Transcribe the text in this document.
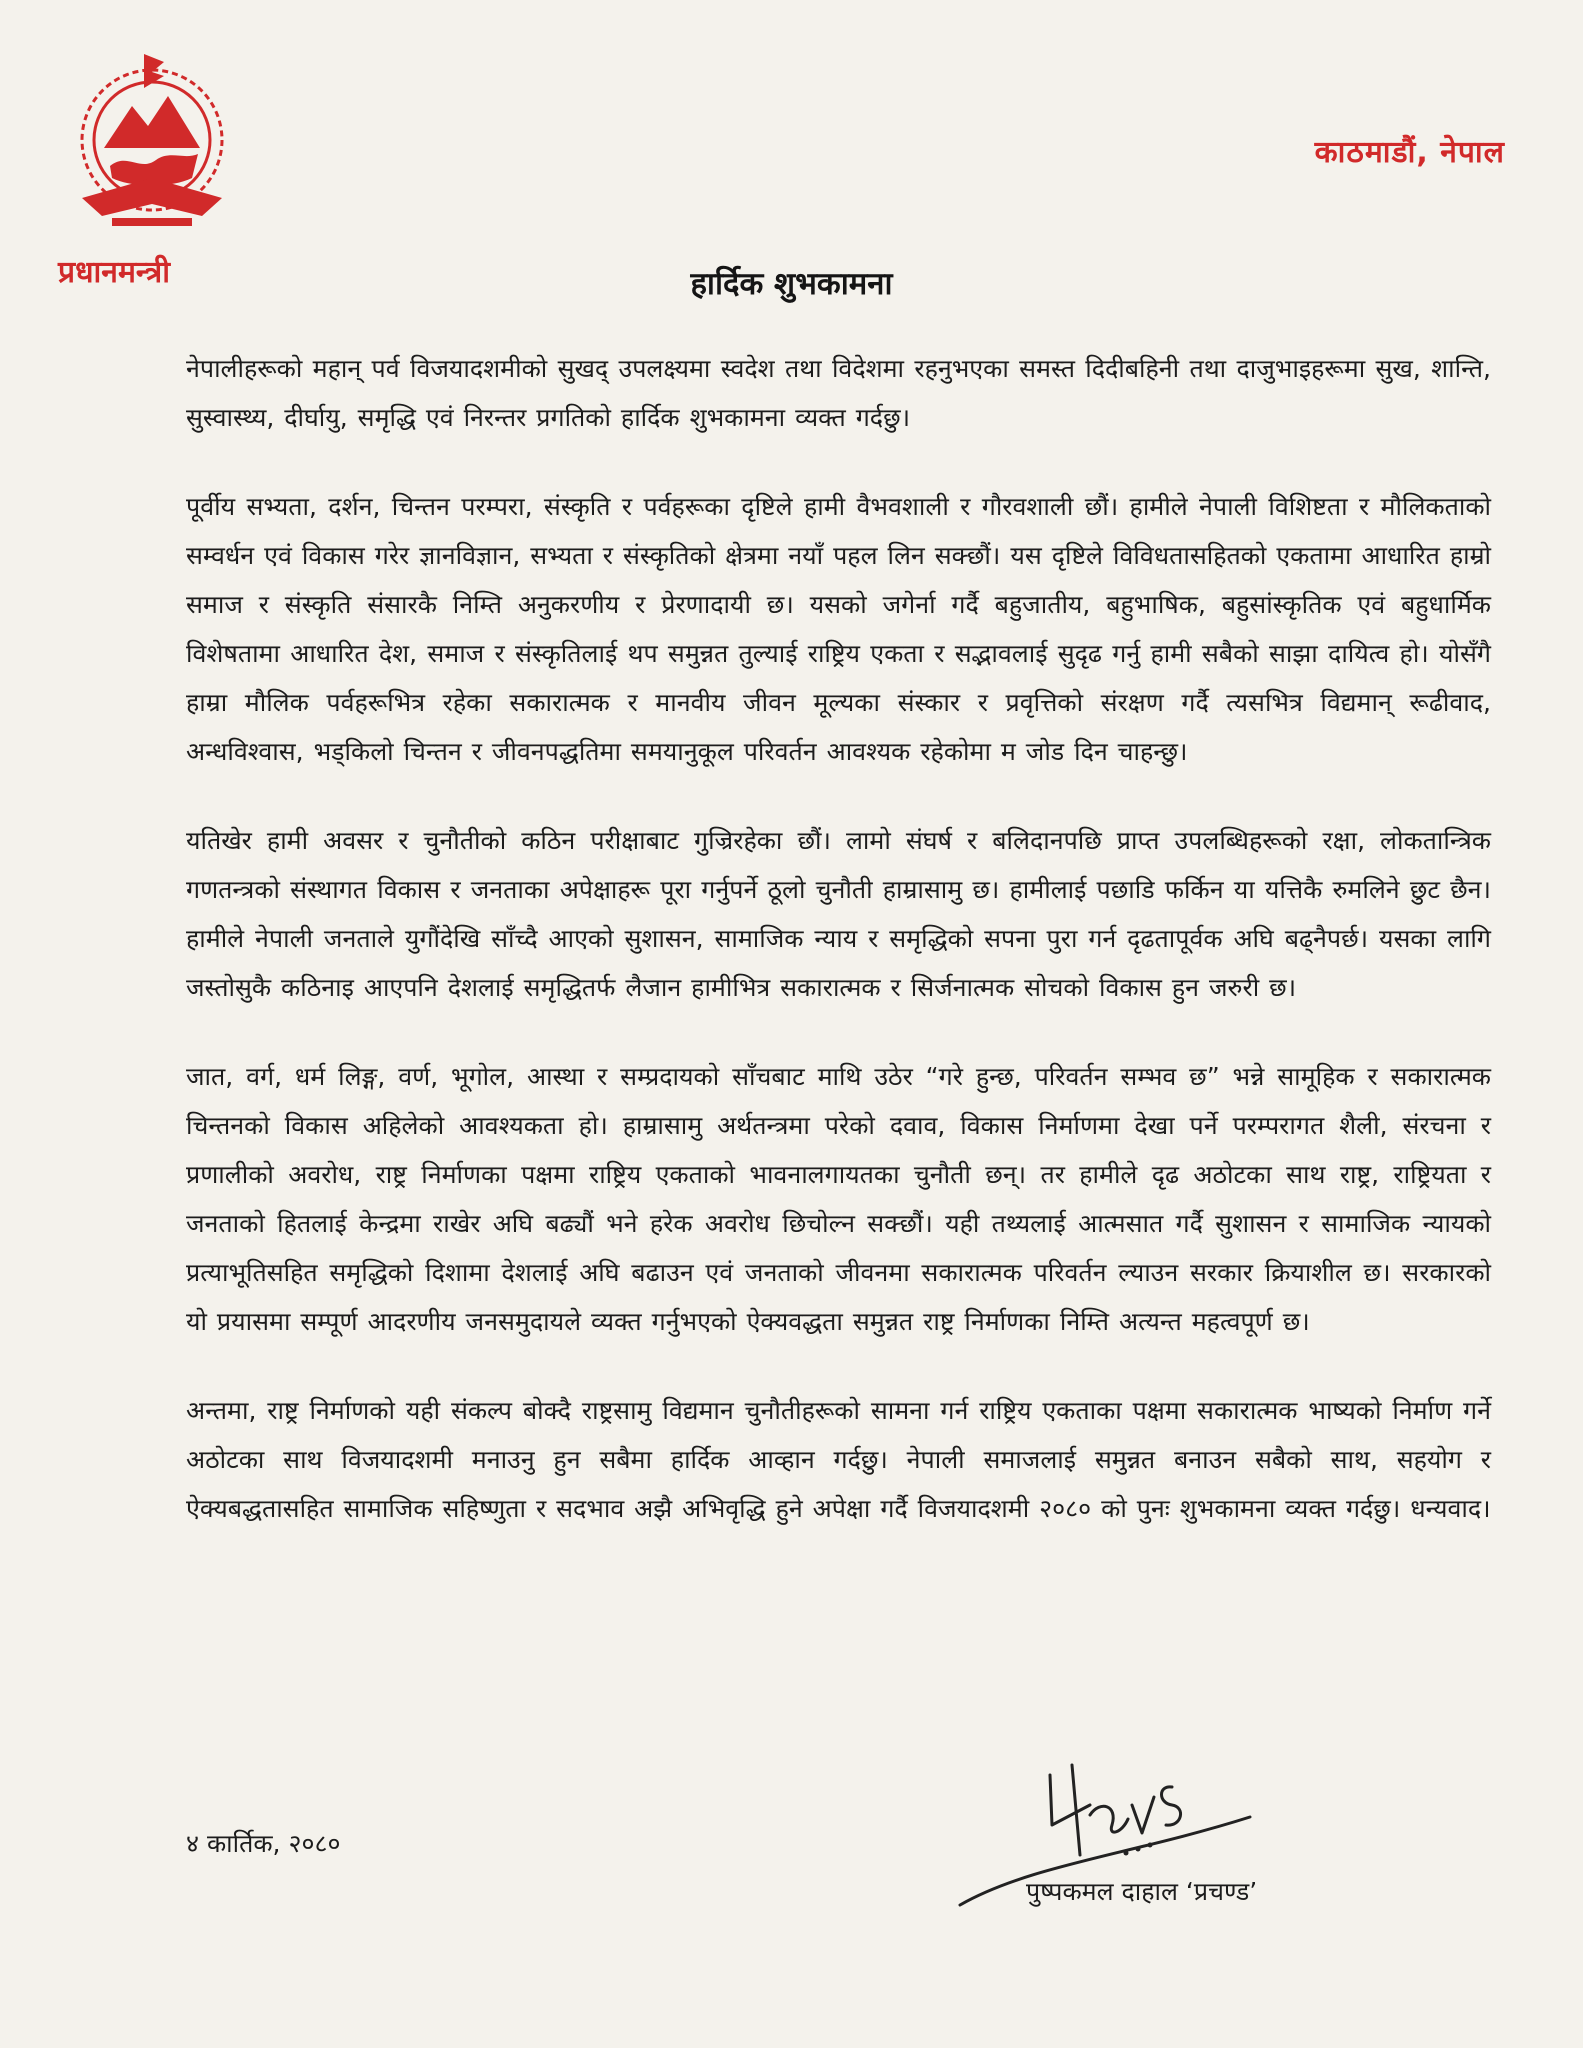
प्रधानमन्त्री
काठमाडौं, नेपाल
हार्दिक शुभकामना

नेपालीहरूको महान् पर्व विजयादशमीको सुखद् उपलक्ष्यमा स्वदेश तथा विदेशमा रहनुभएका समस्त दिदीबहिनी तथा दाजुभाइहरूमा सुख, शान्ति, सुस्वास्थ्य, दीर्घायु, समृद्धि एवं निरन्तर प्रगतिको हार्दिक शुभकामना व्यक्त गर्दछु।

पूर्वीय सभ्यता, दर्शन, चिन्तन परम्परा, संस्कृति र पर्वहरूका दृष्टिले हामी वैभवशाली र गौरवशाली छौं। हामीले नेपाली विशिष्टता र मौलिकताको सम्वर्धन एवं विकास गरेर ज्ञानविज्ञान, सभ्यता र संस्कृतिको क्षेत्रमा नयाँ पहल लिन सक्छौं। यस दृष्टिले विविधतासहितको एकतामा आधारित हाम्रो समाज र संस्कृति संसारकै निम्ति अनुकरणीय र प्रेरणादायी छ। यसको जगेर्ना गर्दै बहुजातीय, बहुभाषिक, बहुसांस्कृतिक एवं बहुधार्मिक विशेषतामा आधारित देश, समाज र संस्कृतिलाई थप समुन्नत तुल्याई राष्ट्रिय एकता र सद्भावलाई सुदृढ गर्नु हामी सबैको साझा दायित्व हो। योसँगै हाम्रा मौलिक पर्वहरूभित्र रहेका सकारात्मक र मानवीय जीवन मूल्यका संस्कार र प्रवृत्तिको संरक्षण गर्दै त्यसभित्र विद्यमान् रूढीवाद, अन्धविश्वास, भड्किलो चिन्तन र जीवनपद्धतिमा समयानुकूल परिवर्तन आवश्यक रहेकोमा म जोड दिन चाहन्छु।

यतिखेर हामी अवसर र चुनौतीको कठिन परीक्षाबाट गुज्रिरहेका छौं। लामो संघर्ष र बलिदानपछि प्राप्त उपलब्धिहरूको रक्षा, लोकतान्त्रिक गणतन्त्रको संस्थागत विकास र जनताका अपेक्षाहरू पूरा गर्नुपर्ने ठूलो चुनौती हाम्रासामु छ। हामीलाई पछाडि फर्किन या यत्तिकै रुमलिने छुट छैन। हामीले नेपाली जनताले युगौंदेखि साँच्दै आएको सुशासन, सामाजिक न्याय र समृद्धिको सपना पुरा गर्न दृढतापूर्वक अघि बढ्नैपर्छ। यसका लागि जस्तोसुकै कठिनाइ आएपनि देशलाई समृद्धितर्फ लैजान हामीभित्र सकारात्मक र सिर्जनात्मक सोचको विकास हुन जरुरी छ।

जात, वर्ग, धर्म लिङ्ग, वर्ण, भूगोल, आस्था र सम्प्रदायको साँचबाट माथि उठेर “गरे हुन्छ, परिवर्तन सम्भव छ” भन्ने सामूहिक र सकारात्मक चिन्तनको विकास अहिलेको आवश्यकता हो। हाम्रासामु अर्थतन्त्रमा परेको दवाव, विकास निर्माणमा देखा पर्ने परम्परागत शैली, संरचना र प्रणालीको अवरोध, राष्ट्र निर्माणका पक्षमा राष्ट्रिय एकताको भावनालगायतका चुनौती छन्। तर हामीले दृढ अठोटका साथ राष्ट्र, राष्ट्रियता र जनताको हितलाई केन्द्रमा राखेर अघि बढ्यौं भने हरेक अवरोध छिचोल्न सक्छौं। यही तथ्यलाई आत्मसात गर्दै सुशासन र सामाजिक न्यायको प्रत्याभूतिसहित समृद्धिको दिशामा देशलाई अघि बढाउन एवं जनताको जीवनमा सकारात्मक परिवर्तन ल्याउन सरकार क्रियाशील छ। सरकारको यो प्रयासमा सम्पूर्ण आदरणीय जनसमुदायले व्यक्त गर्नुभएको ऐक्यवद्धता समुन्नत राष्ट्र निर्माणका निम्ति अत्यन्त महत्वपूर्ण छ।

अन्तमा, राष्ट्र निर्माणको यही संकल्प बोक्दै राष्ट्रसामु विद्यमान चुनौतीहरूको सामना गर्न राष्ट्रिय एकताका पक्षमा सकारात्मक भाष्यको निर्माण गर्ने अठोटका साथ विजयादशमी मनाउनु हुन सबैमा हार्दिक आव्हान गर्दछु। नेपाली समाजलाई समुन्नत बनाउन सबैको साथ, सहयोग र ऐक्यबद्धतासहित सामाजिक सहिष्णुता र सदभाव अझै अभिवृद्धि हुने अपेक्षा गर्दै विजयादशमी २०८० को पुनः शुभकामना व्यक्त गर्दछु। धन्यवाद।

४ कार्तिक, २०८०
पुष्पकमल दाहाल ‘प्रचण्ड’
